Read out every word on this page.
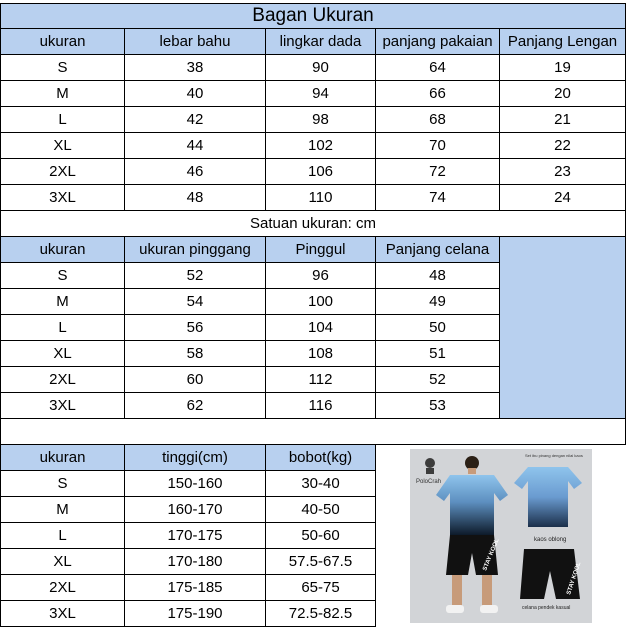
Bagan Ukuran
ukuran	lebar bahu	lingkar dada	panjang pakaian	Panjang Lengan
S	38	90	64	19
M	40	94	66	20
L	42	98	68	21
XL	44	102	70	22
2XL	46	106	72	23
3XL	48	110	74	24
Satuan ukuran: cm
ukuran	ukuran pinggang	Pinggul	Panjang celana
S	52	96	48
M	54	100	49
L	56	104	50
XL	58	108	51
2XL	60	112	52
3XL	62	116	53
ukuran	tinggi(cm)	bobot(kg)
S	150-160	30-40
M	160-170	40-50
L	170-175	50-60
XL	170-180	57.5-67.5
2XL	175-185	65-75
3XL	175-190	72.5-82.5
PoloCrah
STAY KOOL
Set ibu pinang dengan nilai kaos
kaos oblong
STAY KOOL
celana pendek kasual
